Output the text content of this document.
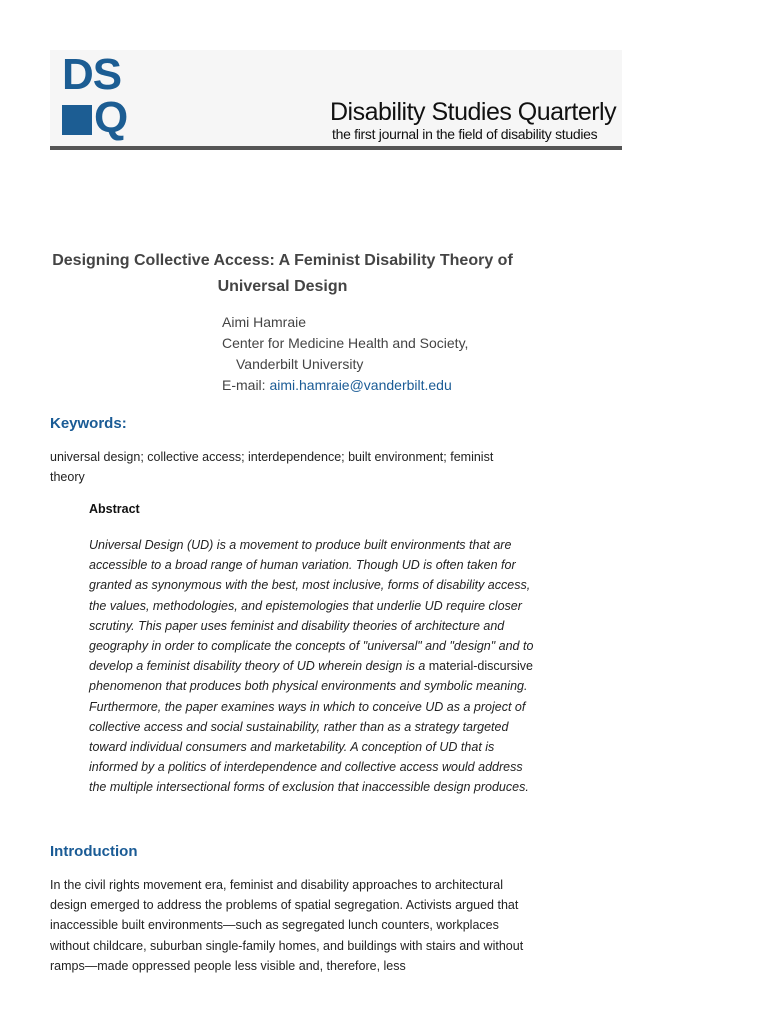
DS
Q	Disability Studies Quarterly
the first journal in the field of disability studies
Designing Collective Access: A Feminist Disability Theory of Universal Design
Aimi Hamraie
Center for Medicine Health and Society,
Vanderbilt University
E-mail: aimi.hamraie@vanderbilt.edu
Keywords:
universal design; collective access; interdependence; built environment; feminist theory
Abstract
Universal Design (UD) is a movement to produce built environments that are accessible to a broad range of human variation. Though UD is often taken for granted as synonymous with the best, most inclusive, forms of disability access, the values, methodologies, and epistemologies that underlie UD require closer scrutiny. This paper uses feminist and disability theories of architecture and geography in order to complicate the concepts of "universal" and "design" and to develop a feminist disability theory of UD wherein design is a material-discursive phenomenon that produces both physical environments and symbolic meaning. Furthermore, the paper examines ways in which to conceive UD as a project of collective access and social sustainability, rather than as a strategy targeted toward individual consumers and marketability. A conception of UD that is informed by a politics of interdependence and collective access would address the multiple intersectional forms of exclusion that inaccessible design produces.
Introduction
In the civil rights movement era, feminist and disability approaches to architectural design emerged to address the problems of spatial segregation. Activists argued that inaccessible built environments—such as segregated lunch counters, workplaces without childcare, suburban single-family homes, and buildings with stairs and without ramps—made oppressed people less visible and, therefore, less
